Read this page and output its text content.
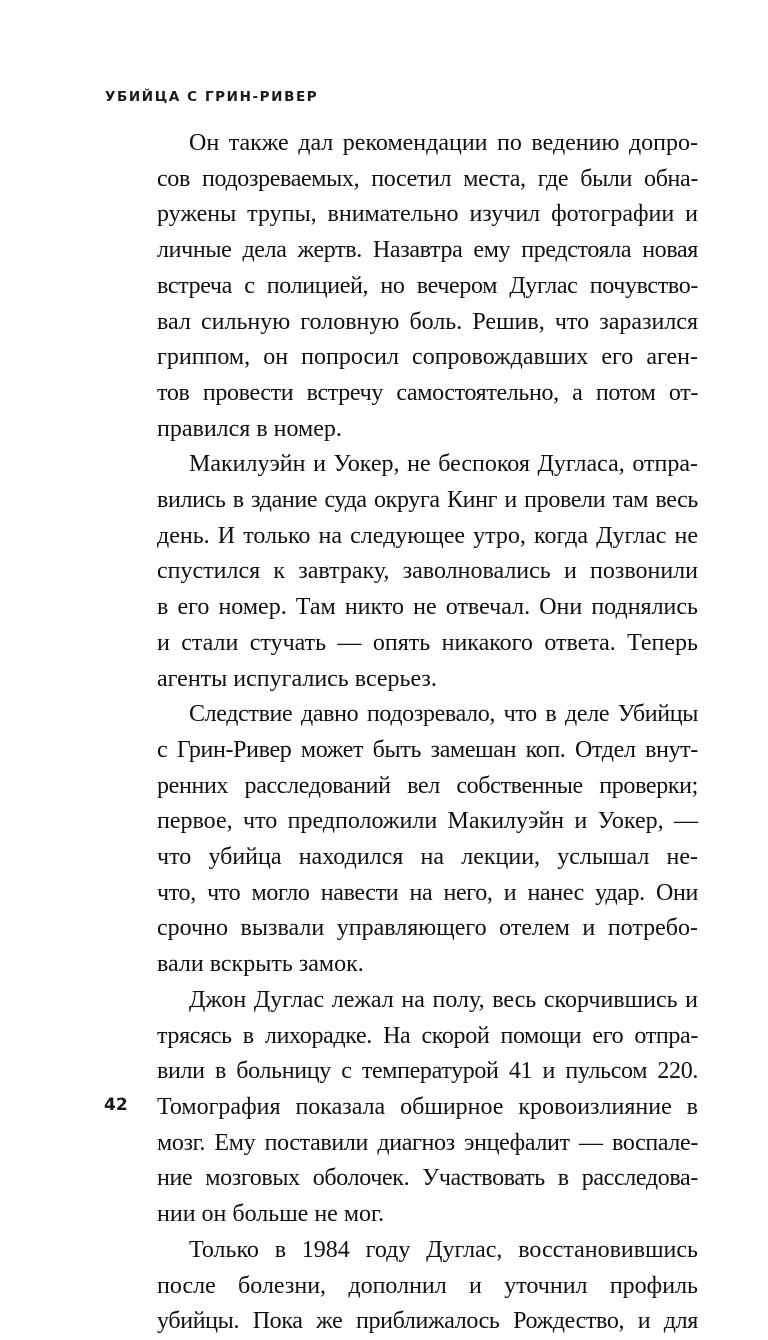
УБИЙЦА С ГРИН-РИВЕР
Он также дал рекомендации по ведению допро-
сов подозреваемых, посетил места, где были обна-
ружены трупы, внимательно изучил фотографии и
личные дела жертв. Назавтра ему предстояла новая
встреча с полицией, но вечером Дуглас почувство-
вал сильную головную боль. Решив, что заразился
гриппом, он попросил сопровождавших его аген-
тов провести встречу самостоятельно, а потом от-
правился в номер.
Макилуэйн и Уокер, не беспокоя Дугласа, отпра-
вились в здание суда округа Кинг и провели там весь
день. И только на следующее утро, когда Дуглас не
спустился к завтраку, заволновались и позвонили
в его номер. Там никто не отвечал. Они поднялись
и стали стучать — опять никакого ответа. Теперь
агенты испугались всерьез.
Следствие давно подозревало, что в деле Убийцы
с Грин-Ривер может быть замешан коп. Отдел внут-
ренних расследований вел собственные проверки;
первое, что предположили Макилуэйн и Уокер, —
что убийца находился на лекции, услышал не-
что, что могло навести на него, и нанес удар. Они
срочно вызвали управляющего отелем и потребо-
вали вскрыть замок.
Джон Дуглас лежал на полу, весь скорчившись и
трясясь в лихорадке. На скорой помощи его отпра-
вили в больницу с температурой 41 и пульсом 220.
Томография показала обширное кровоизлияние в
мозг. Ему поставили диагноз энцефалит — воспале-
ние мозговых оболочек. Участвовать в расследова-
нии он больше не мог.
Только в 1984 году Дуглас, восстановившись
после болезни, дополнил и уточнил профиль
убийцы. Пока же приближалось Рождество, и для
42
